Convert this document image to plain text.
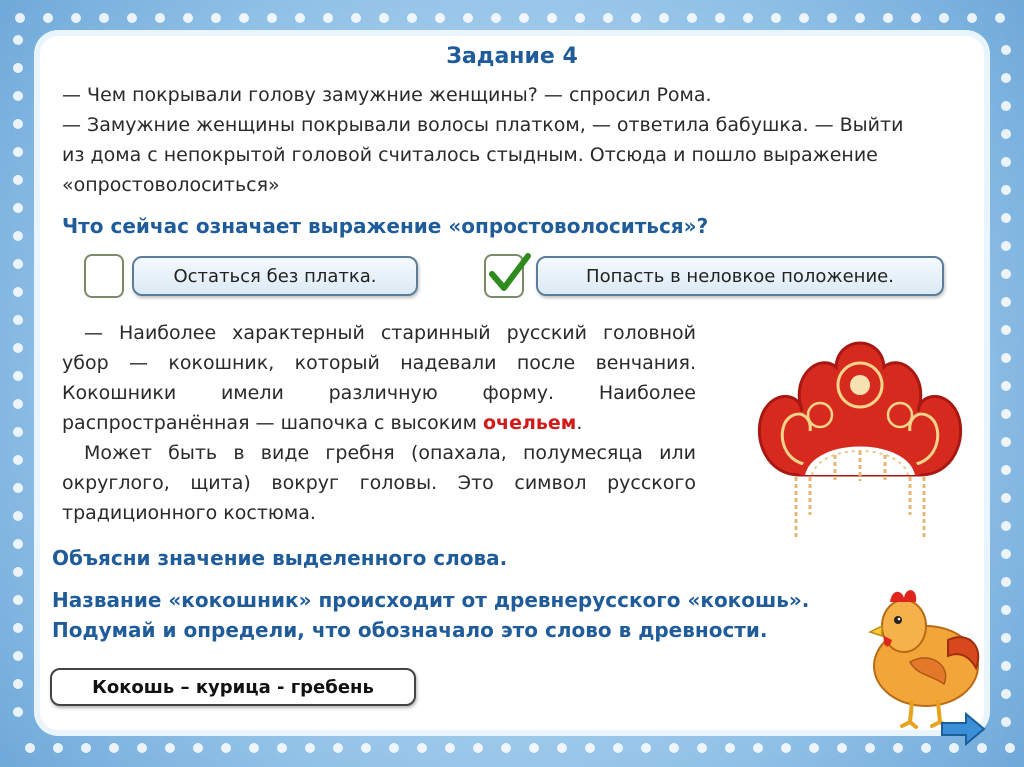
Задание 4
— Чем покрывали голову замужние женщины? — спросил Рома.
— Замужние женщины покрывали волосы платком, — ответила бабушка. — Выйти
из дома с непокрытой головой считалось стыдным. Отсюда и пошло выражение
«опростоволоситься»
Что сейчас означает выражение «опростоволоситься»?
Остаться без платка.	Попасть в неловкое положение.

— Наиболее характерный старинный русский головной убор — кокошник, который надевали после венчания. Кокошники имели различную форму. Наиболее распространённая — шапочка с высоким очельем.

Может быть в виде гребня (опахала, полумесяца или округлого, щита) вокруг головы. Это символ русского традиционного костюма.

Объясни значение выделенного слова.
Название «кокошник» происходит от древнерусского «кокошь».
Подумай и определи, что обозначало это слово в древности.
Кокошь – курица - гребень
